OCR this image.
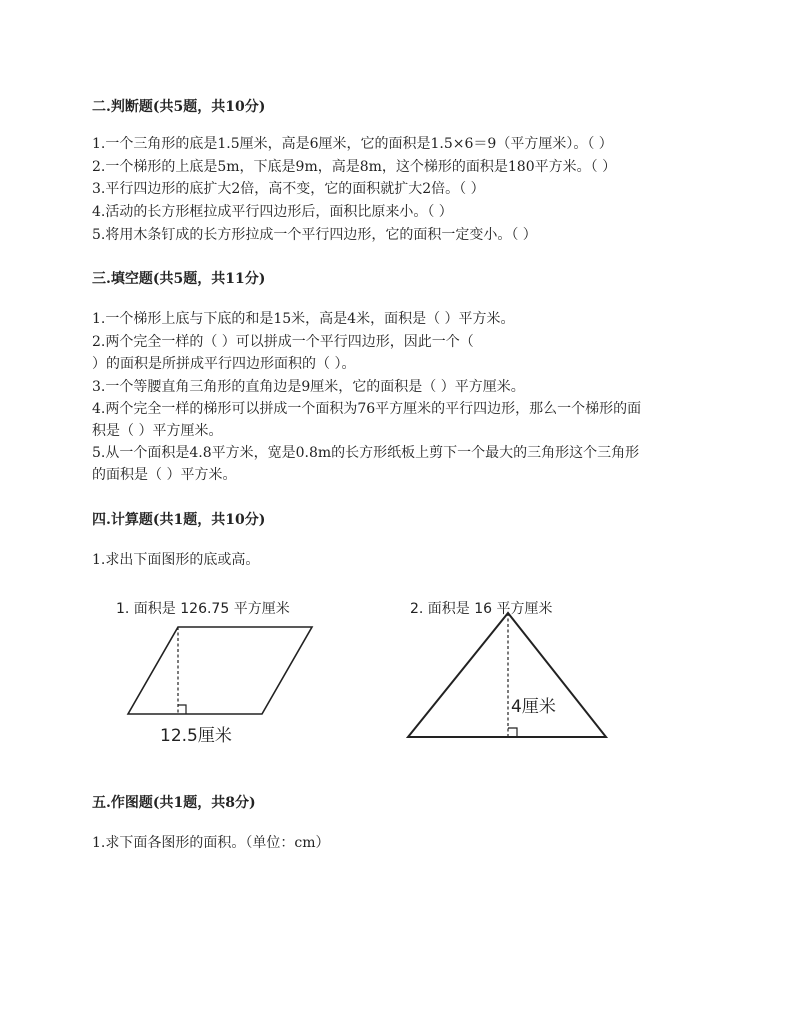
二.判断题(共5题，共10分)
1.一个三角形的底是1.5厘米，高是6厘米，它的面积是1.5×6＝9（平方厘米）。（ ）
2.一个梯形的上底是5m，下底是9m，高是8m，这个梯形的面积是180平方米。（ ）
3.平行四边形的底扩大2倍，高不变，它的面积就扩大2倍。（ ）
4.活动的长方形框拉成平行四边形后，面积比原来小。（ ）
5.将用木条钉成的长方形拉成一个平行四边形，它的面积一定变小。（ ）
三.填空题(共5题，共11分)
1.一个梯形上底与下底的和是15米，高是4米，面积是（ ）平方米。
2.两个完全一样的（ ）可以拼成一个平行四边形，因此一个（
）的面积是所拼成平行四边形面积的（ ）。
3.一个等腰直角三角形的直角边是9厘米，它的面积是（ ）平方厘米。
4.两个完全一样的梯形可以拼成一个面积为76平方厘米的平行四边形，那么一个梯形的面
积是（ ）平方厘米。
5.从一个面积是4.8平方米，宽是0.8m的长方形纸板上剪下一个最大的三角形这个三角形
的面积是（ ）平方米。
四.计算题(共1题，共10分)
1.求出下面图形的底或高。
1. 面积是 126.75 平方厘米
12.5厘米
2. 面积是 16 平方厘米
4厘米
五.作图题(共1题，共8分)
1.求下面各图形的面积。（单位：cm）
